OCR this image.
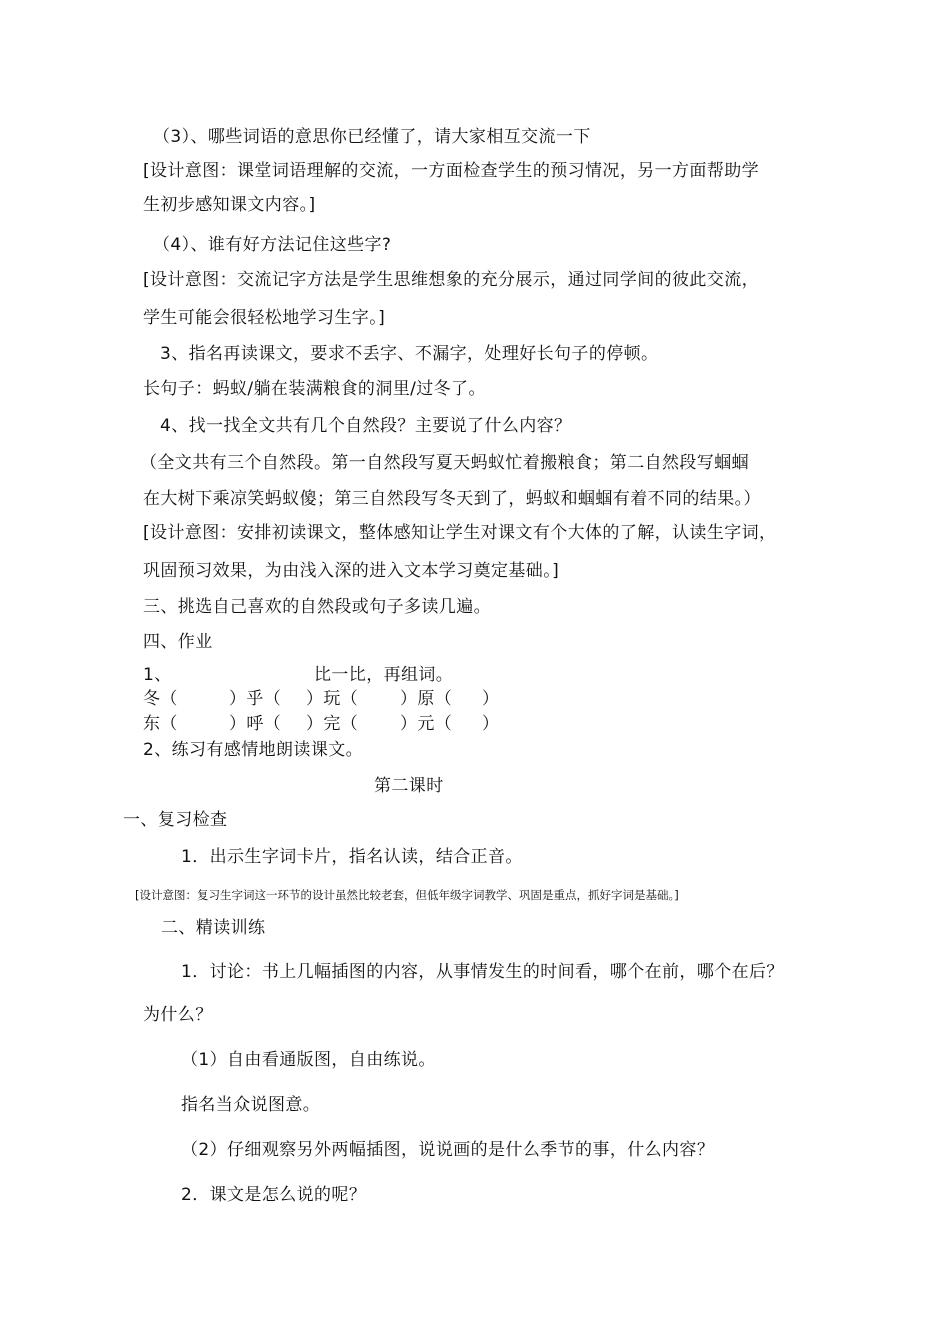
（3）、哪些词语的意思你已经懂了，请大家相互交流一下
[设计意图：课堂词语理解的交流，一方面检查学生的预习情况，另一方面帮助学
生初步感知课文内容。]
（4）、谁有好方法记住这些字?
[设计意图：交流记字方法是学生思维想象的充分展示，通过同学间的彼此交流，
学生可能会很轻松地学习生字。]
3、指名再读课文，要求不丢字、不漏字，处理好长句子的停顿。
长句子：蚂蚁/躺在装满粮食的洞里/过冬了。
4、找一找全文共有几个自然段？主要说了什么内容？
（全文共有三个自然段。第一自然段写夏天蚂蚁忙着搬粮食；第二自然段写蝈蝈
在大树下乘凉笑蚂蚁傻；第三自然段写冬天到了，蚂蚁和蝈蝈有着不同的结果。）
[设计意图：安排初读课文，整体感知让学生对课文有个大体的了解，认读生字词，
巩固预习效果，为由浅入深的进入文本学习奠定基础。]
三、挑选自己喜欢的自然段或句子多读几遍。
四、作业
1、	比一比，再组词。
冬（	）乎（ ）玩（ ）原（ ）
东（	）呼（ ）完（ ）元（ ）
2、练习有感情地朗读课文。
第二课时
一、复习检查
1．出示生字词卡片，指名认读，结合正音。
[设计意图：复习生字词这一环节的设计虽然比较老套，但低年级字词教学、巩固是重点，抓好字词是基础。]
二、精读训练
1．讨论：书上几幅插图的内容，从事情发生的时间看，哪个在前，哪个在后？
为什么？
（1）自由看通版图，自由练说。
指名当众说图意。
（2）仔细观察另外两幅插图，说说画的是什么季节的事，什么内容？
2．课文是怎么说的呢？
